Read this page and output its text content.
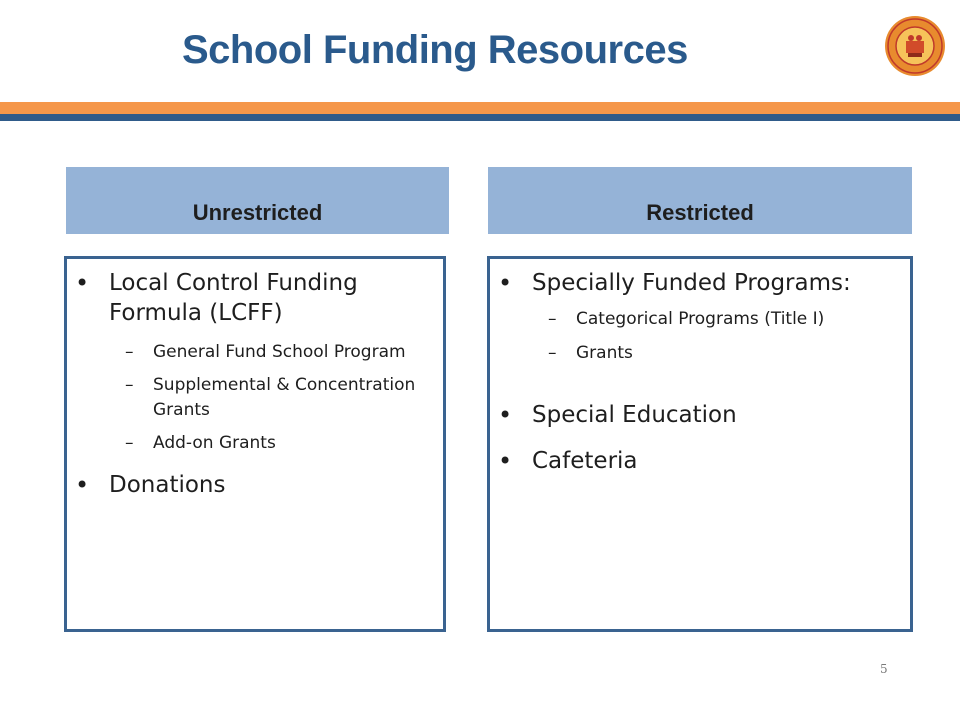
School Funding Resources
Unrestricted
• Local Control Funding Formula (LCFF)
– General Fund School Program
– Supplemental & Concentration Grants
– Add-on Grants
• Donations
Restricted
• Specially Funded Programs:
– Categorical Programs (Title I)
– Grants
• Special Education
• Cafeteria
5
